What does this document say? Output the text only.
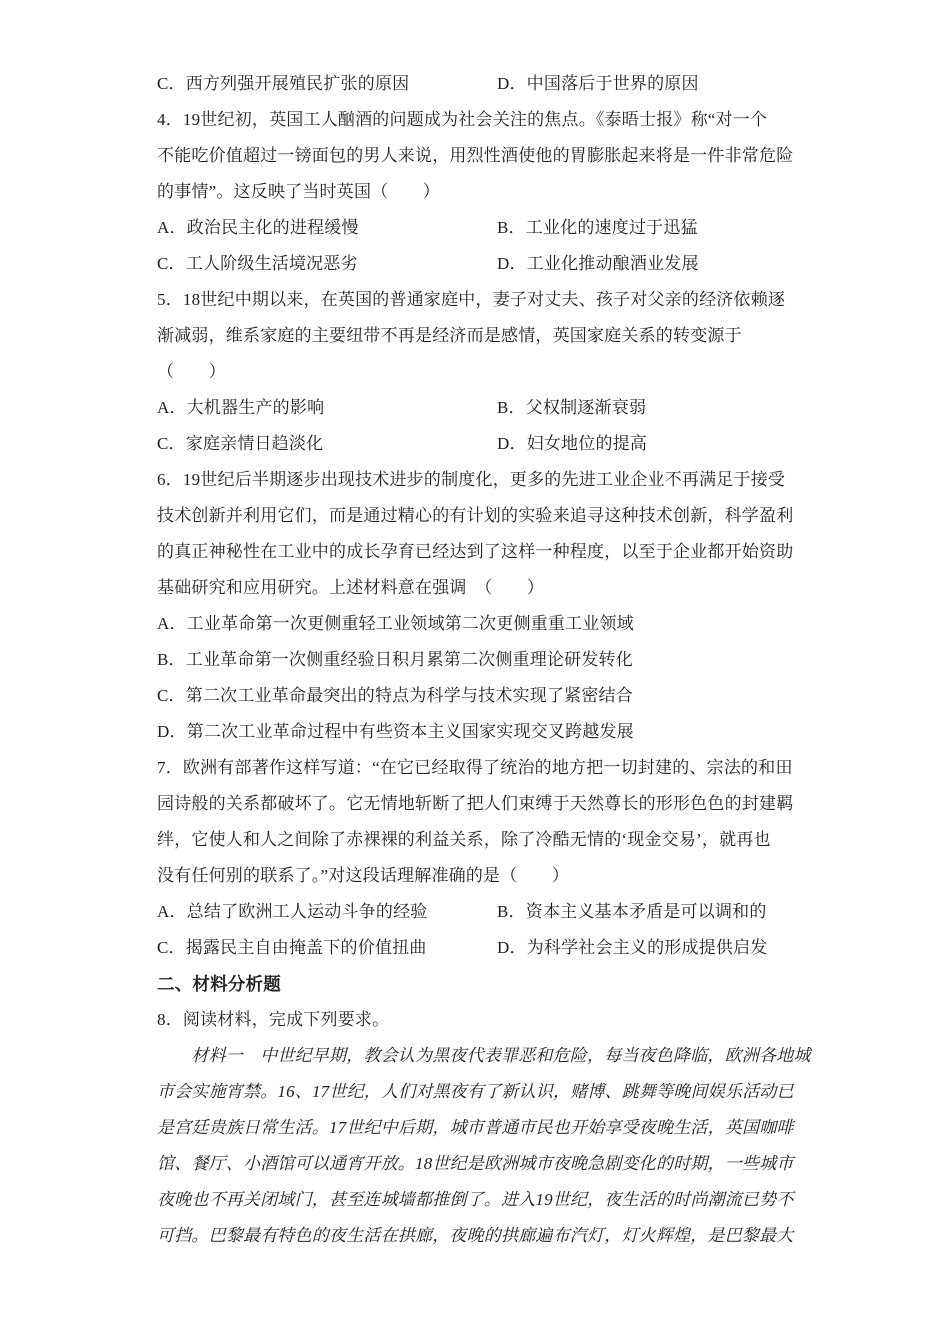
C．西方列强开展殖民扩张的原因	D．中国落后于世界的原因
4．19世纪初，英国工人酗酒的问题成为社会关注的焦点。《泰晤士报》称“对一个
不能吃价值超过一镑面包的男人来说，用烈性酒使他的胃膨胀起来将是一件非常危险
的事情”。这反映了当时英国（　　）
A．政治民主化的进程缓慢	B．工业化的速度过于迅猛
C．工人阶级生活境况恶劣	D．工业化推动酿酒业发展
5．18世纪中期以来，在英国的普通家庭中，妻子对丈夫、孩子对父亲的经济依赖逐
渐减弱，维系家庭的主要纽带不再是经济而是感情，英国家庭关系的转变源于
（　　）
A．大机器生产的影响	B．父权制逐渐衰弱
C．家庭亲情日趋淡化	D．妇女地位的提高
6．19世纪后半期逐步出现技术进步的制度化，更多的先进工业企业不再满足于接受
技术创新并利用它们，而是通过精心的有计划的实验来追寻这种技术创新，科学盈利
的真正神秘性在工业中的成长孕育已经达到了这样一种程度，以至于企业都开始资助
基础研究和应用研究。上述材料意在强调　（　　）
A．工业革命第一次更侧重轻工业领域第二次更侧重重工业领域
B．工业革命第一次侧重经验日积月累第二次侧重理论研发转化
C．第二次工业革命最突出的特点为科学与技术实现了紧密结合
D．第二次工业革命过程中有些资本主义国家实现交叉跨越发展
7．欧洲有部著作这样写道：“在它已经取得了统治的地方把一切封建的、宗法的和田
园诗般的关系都破坏了。它无情地斩断了把人们束缚于天然尊长的形形色色的封建羁
绊，它使人和人之间除了赤裸裸的利益关系，除了冷酷无情的‘现金交易’，就再也
没有任何别的联系了。”对这段话理解准确的是（　　）
A．总结了欧洲工人运动斗争的经验	B．资本主义基本矛盾是可以调和的
C．揭露民主自由掩盖下的价值扭曲	D．为科学社会主义的形成提供启发
二、材料分析题
8．阅读材料，完成下列要求。
　　材料一　中世纪早期，教会认为黑夜代表罪恶和危险，每当夜色降临，欧洲各地城
市会实施宵禁。16、17世纪，人们对黑夜有了新认识，赌博、跳舞等晚间娱乐活动已
是宫廷贵族日常生活。17世纪中后期，城市普通市民也开始享受夜晚生活，英国咖啡
馆、餐厅、小酒馆可以通宵开放。18世纪是欧洲城市夜晚急剧变化的时期，一些城市
夜晚也不再关闭域门，甚至连城墙都推倒了。进入19世纪，夜生活的时尚潮流已势不
可挡。巴黎最有特色的夜生活在拱廊，夜晚的拱廊遍布汽灯，灯火辉煌，是巴黎最大
